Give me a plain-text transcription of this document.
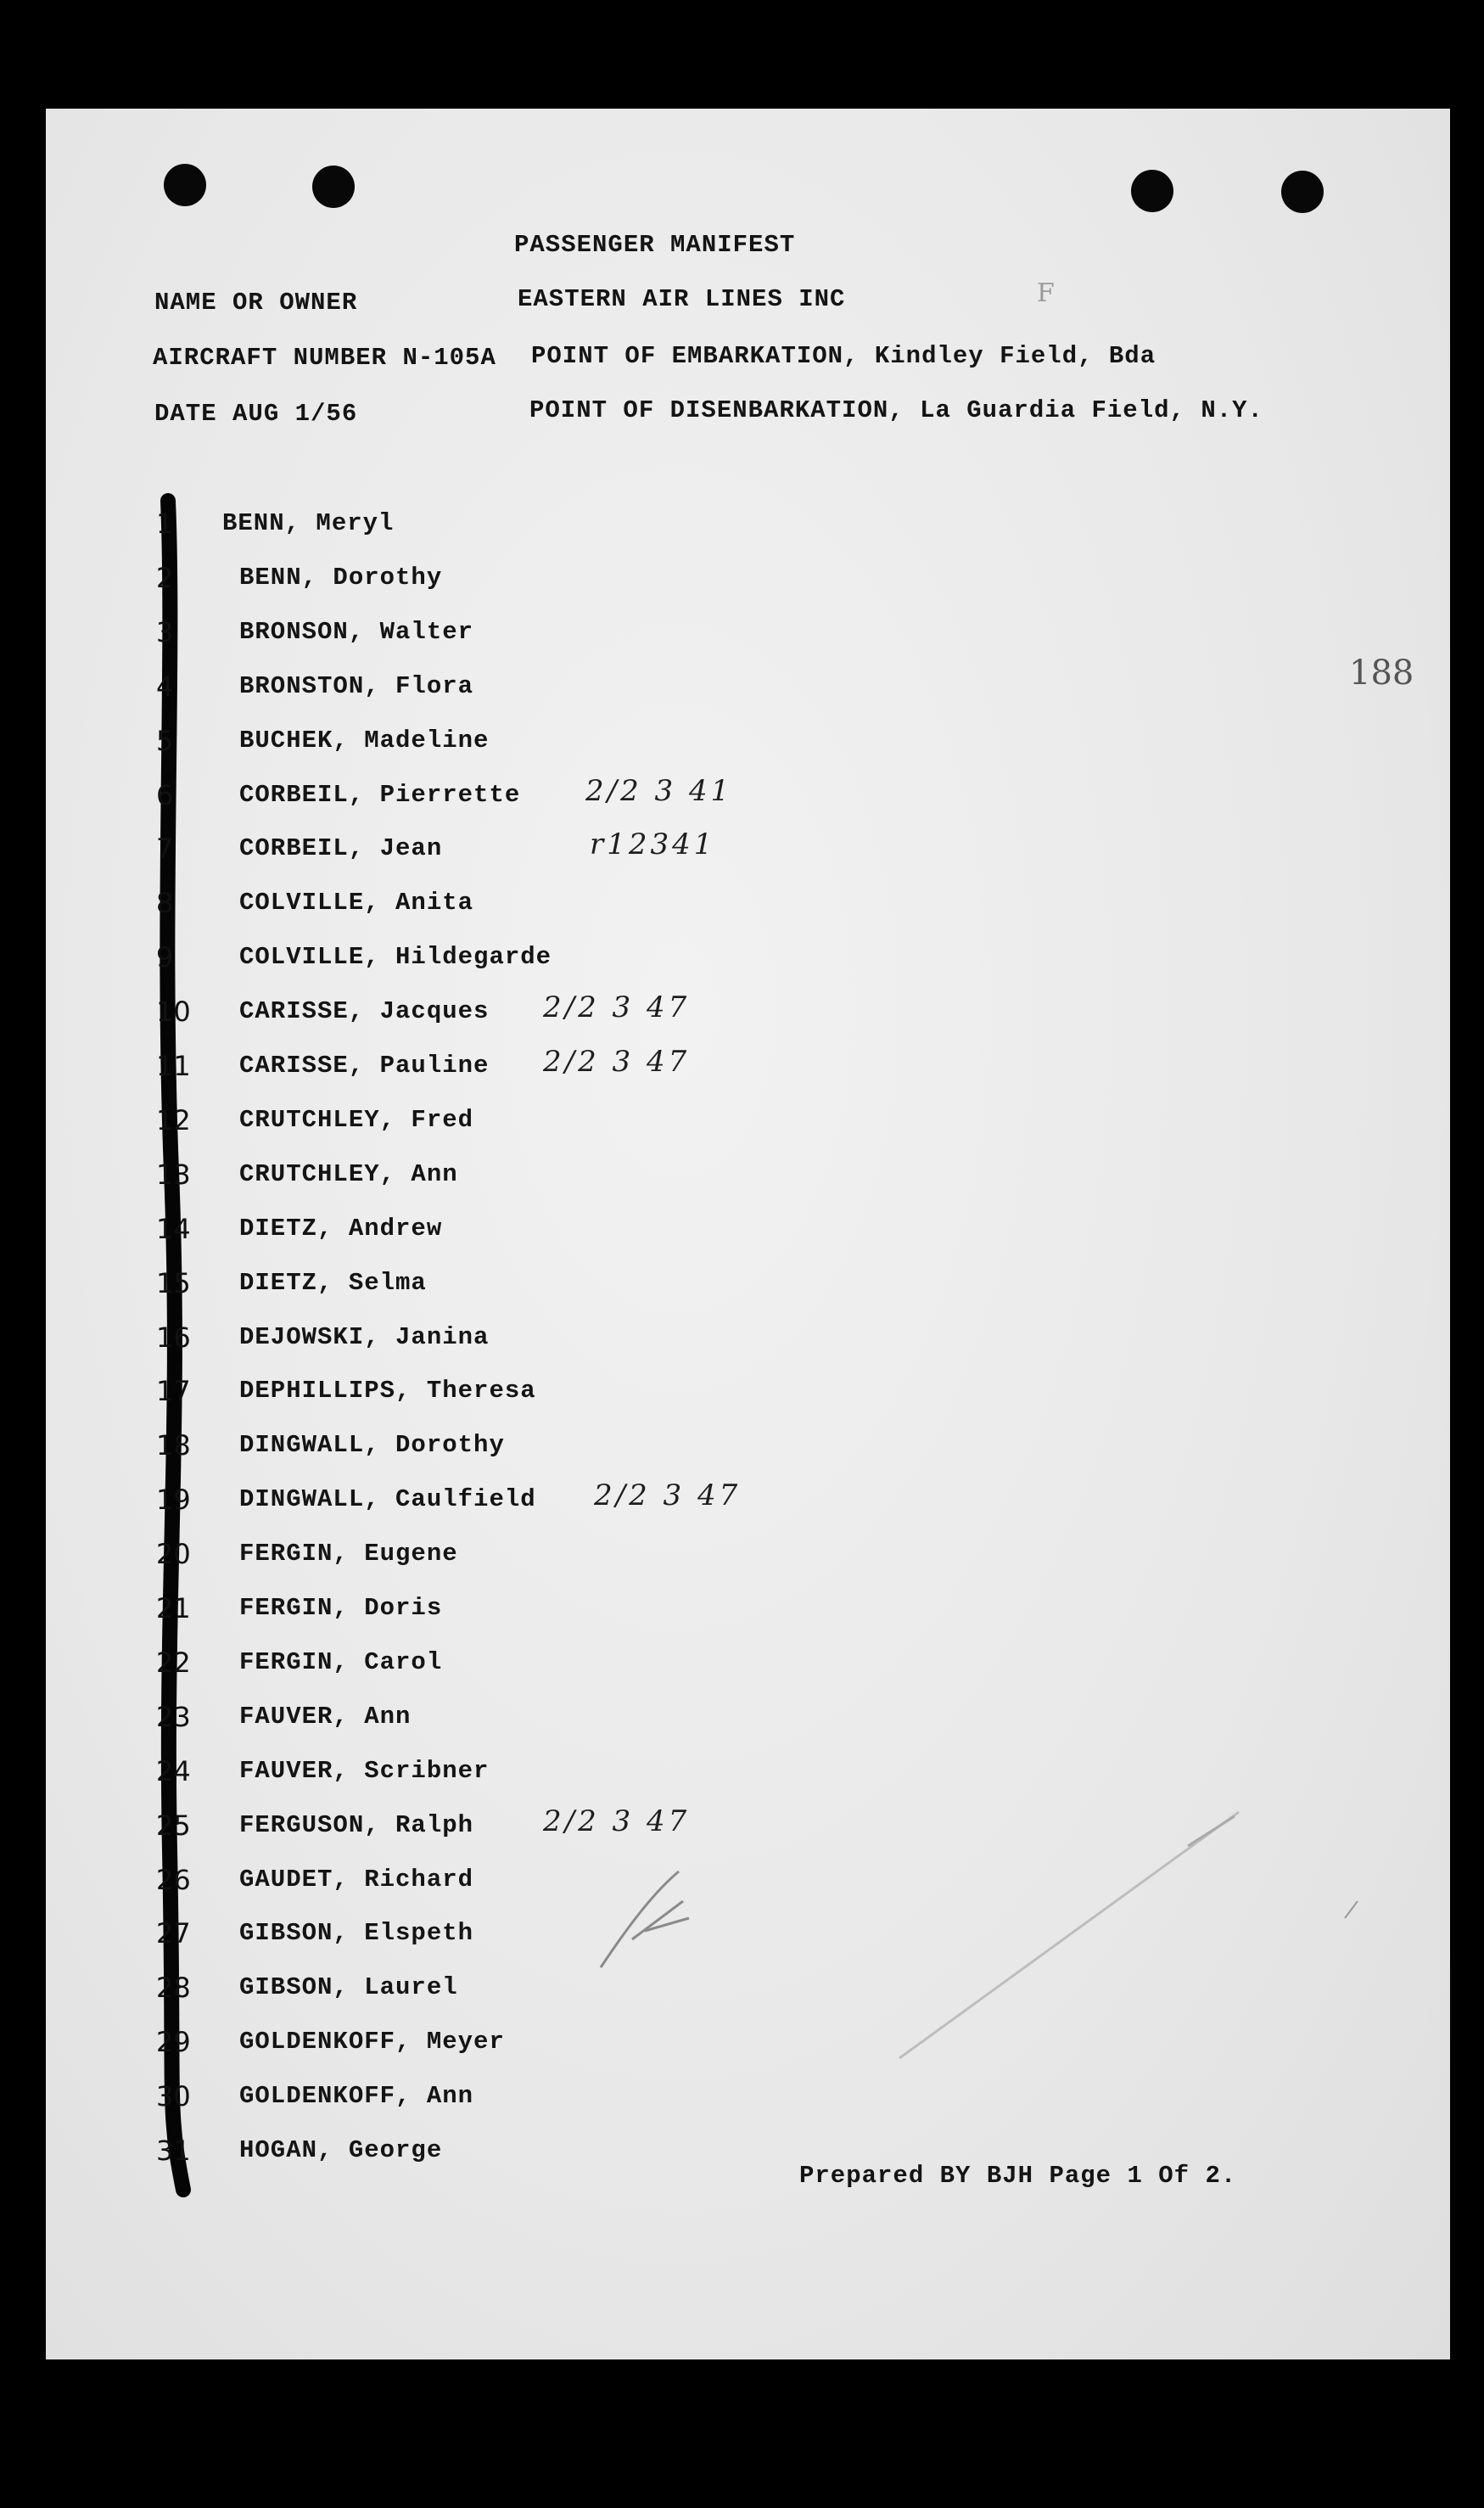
PASSENGER MANIFEST
NAME OR OWNER	EASTERN AIR LINES INC	F
AIRCRAFT NUMBER N-105A POINT OF EMBARKATION, Kindley Field, Bda
DATE AUG 1/56	POINT OF DISENBARKATION, La Guardia Field, N.Y.
188
1	BENN, Meryl
2	BENN, Dorothy
3	BRONSON, Walter
4	BRONSTON, Flora
5	BUCHEK, Madeline
6	CORBEIL, Pierrette 2/2 3 41
7	CORBEIL, Jean	r12341
8	COLVILLE, Anita
9	COLVILLE, Hildegarde
10	CARISSE, Jacques 2/2 3 47
11	CARISSE, Pauline 2/2 3 47
12	CRUTCHLEY, Fred
13	CRUTCHLEY, Ann
14	DIETZ, Andrew
15	DIETZ, Selma
16	DEJOWSKI, Janina
17	DEPHILLIPS, Theresa
18	DINGWALL, Dorothy
19	DINGWALL, Caulfield 2/2 3 47
20	FERGIN, Eugene
21	FERGIN, Doris
22	FERGIN, Carol
23	FAUVER, Ann
24	FAUVER, Scribner
25	FERGUSON, Ralph 2/2 3 47
26	GAUDET, Richard
27	GIBSON, Elspeth
28	GIBSON, Laurel
29	GOLDENKOFF, Meyer
30	GOLDENKOFF, Ann
31	HOGAN, George
Prepared BY BJH Page 1 Of 2.
